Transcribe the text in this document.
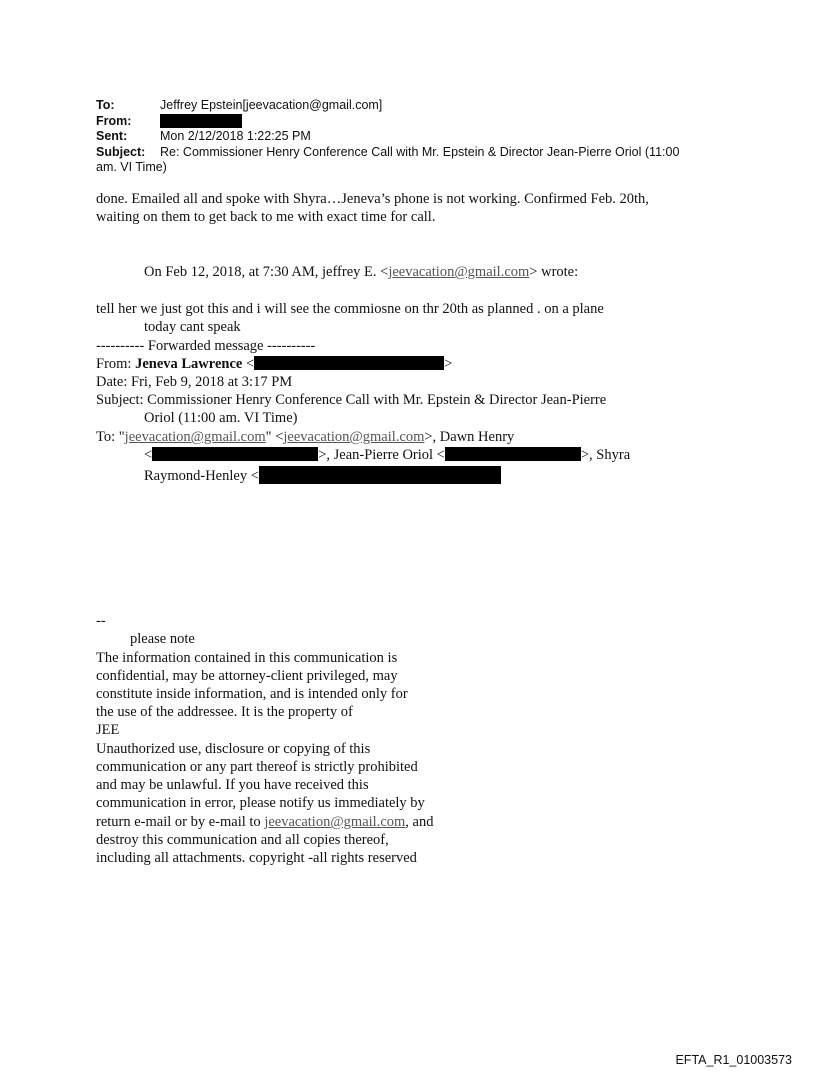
To:	Jeffrey Epstein[jeevacation@gmail.com]
From:
Sent:	Mon 2/12/2018 1:22:25 PM
Subject: Re: Commissioner Henry Conference Call with Mr. Epstein & Director Jean-Pierre Oriol (11:00
am. VI Time)
done. Emailed all and spoke with Shyra…Jeneva’s phone is not working. Confirmed Feb. 20th,
waiting on them to get back to me with exact time for call.
On Feb 12, 2018, at 7:30 AM, jeffrey E. <jeevacation@gmail.com> wrote:
tell her we just got this and i will see the commiosne on thr 20th as planned . on a plane
today cant speak
---------- Forwarded message ----------
From: Jeneva Lawrence <	>
Date: Fri, Feb 9, 2018 at 3:17 PM
Subject: Commissioner Henry Conference Call with Mr. Epstein & Director Jean-Pierre
Oriol (11:00 am. VI Time)
To: "jeevacation@gmail.com" <jeevacation@gmail.com>, Dawn Henry
<	>, Jean-Pierre Oriol <	>, Shyra
Raymond-Henley <
--
please note
The information contained in this communication is
confidential, may be attorney-client privileged, may
constitute inside information, and is intended only for
the use of the addressee. It is the property of
JEE
Unauthorized use, disclosure or copying of this
communication or any part thereof is strictly prohibited
and may be unlawful. If you have received this
communication in error, please notify us immediately by
return e-mail or by e-mail to jeevacation@gmail.com, and
destroy this communication and all copies thereof,
including all attachments. copyright -all rights reserved
EFTA_R1_01003573
